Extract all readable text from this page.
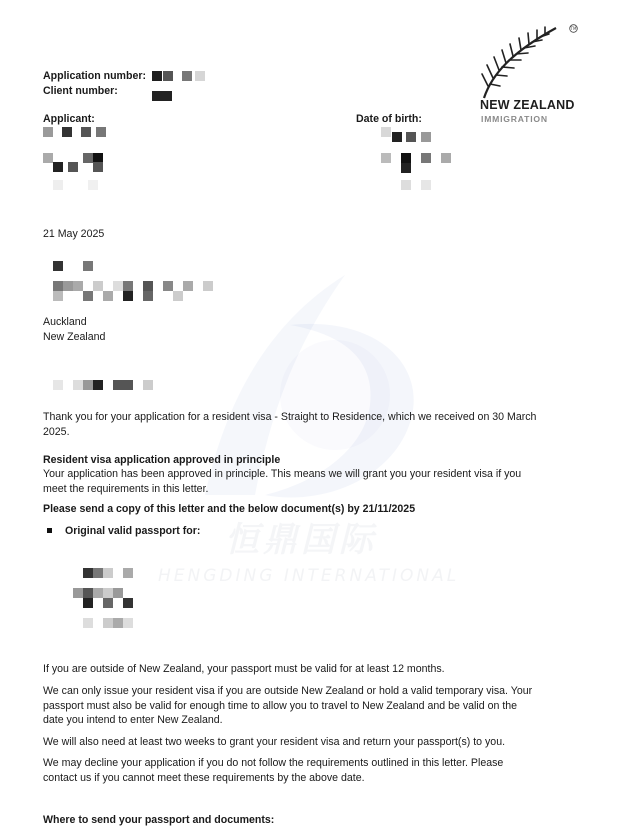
恒鼎国际
HENGDING INTERNATIONAL
TM
NEW ZEALAND
IMMIGRATION
Application number:
Client number:
Applicant:	Date of birth:
21 May 2025
Auckland
New Zealand
Thank you for your application for a resident visa - Straight to Residence, which we received on 30 March 2025.
Resident visa application approved in principle
Your application has been approved in principle. This means we will grant you your resident visa if you meet the requirements in this letter.
Please send a copy of this letter and the below document(s) by 21/11/2025
Original valid passport for:
If you are outside of New Zealand, your passport must be valid for at least 12 months.
We can only issue your resident visa if you are outside New Zealand or hold a valid temporary visa. Your passport must also be valid for enough time to allow you to travel to New Zealand and be valid on the date you intend to enter New Zealand.
We will also need at least two weeks to grant your resident visa and return your passport(s) to you.
We may decline your application if you do not follow the requirements outlined in this letter. Please contact us if you cannot meet these requirements by the above date.
Where to send your passport and documents:
